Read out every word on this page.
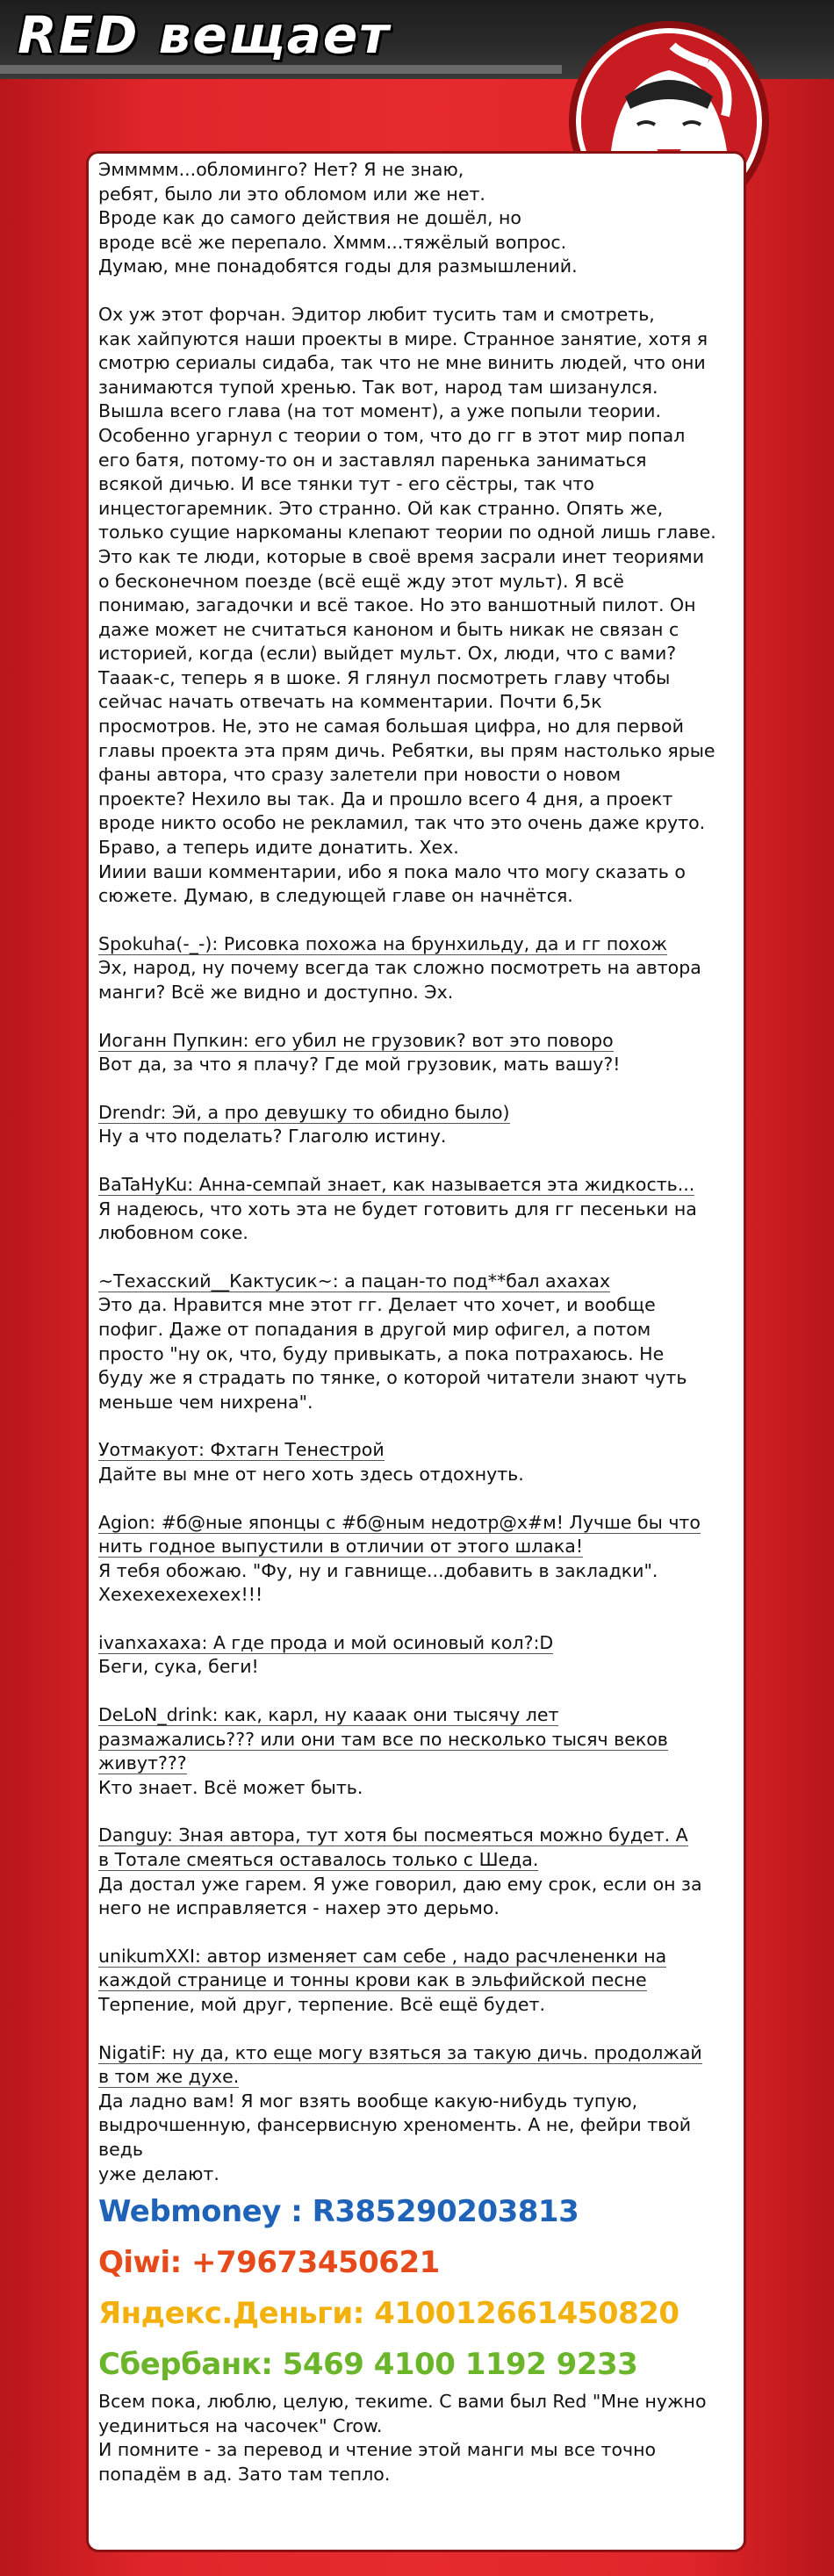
RED вещает

Эммммм...обломинго? Нет? Я не знаю,

ребят, было ли это обломом или же нет.

Вроде как до самого действия не дошёл, но

вроде всё же перепало. Хммм...тяжёлый вопрос.

Думаю, мне понадобятся годы для размышлений.

Ох уж этот форчан. Эдитор любит тусить там и смотреть,

как хайпуются наши проекты в мире. Странное занятие, хотя я

смотрю сериалы сидаба, так что не мне винить людей, что они

занимаются тупой хренью. Так вот, народ там шизанулся.

Вышла всего глава (на тот момент), а уже попыли теории.

Особенно угарнул с теории о том, что до гг в этот мир попал

его батя, потому-то он и заставлял паренька заниматься

всякой дичью. И все тянки тут - его сёстры, так что

инцестогаремник. Это странно. Ой как странно. Опять же,

только сущие наркоманы клепают теории по одной лишь главе.

Это как те люди, которые в своё время засрали инет теориями

о бесконечном поезде (всё ещё жду этот мульт). Я всё

понимаю, загадочки и всё такое. Но это ваншотный пилот. Он

даже может не считаться каноном и быть никак не связан с

историей, когда (если) выйдет мульт. Ох, люди, что с вами?

Тааак-с, теперь я в шоке. Я глянул посмотреть главу чтобы

сейчас начать отвечать на комментарии. Почти 6,5к

просмотров. Не, это не самая большая цифра, но для первой

главы проекта эта прям дичь. Ребятки, вы прям настолько ярые

фаны автора, что сразу залетели при новости о новом

проекте? Нехило вы так. Да и прошло всего 4 дня, а проект

вроде никто особо не рекламил, так что это очень даже круто.

Браво, а теперь идите донатить. Хех.

Ииии ваши комментарии, ибо я пока мало что могу сказать о

сюжете. Думаю, в следующей главе он начнётся.

Spokuha(-_-): Рисовка похожа на брунхильду, да и гг похож

Эх, народ, ну почему всегда так сложно посмотреть на автора

манги? Всё же видно и доступно. Эх.

Иоганн Пупкин: его убил не грузовик? вот это поворо

Вот да, за что я плачу? Где мой грузовик, мать вашу?!

Drendr: Эй, а про девушку то обидно было)

Ну а что поделать? Глаголю истину.

BaTaHyKu: Анна-семпай знает, как называется эта жидкость...

Я надеюсь, что хоть эта не будет готовить для гг песеньки на

любовном соке.

~Техасский__Кактусик~: а пацан-то под**бал ахахах

Это да. Нравится мне этот гг. Делает что хочет, и вообще

пофиг. Даже от попадания в другой мир офигел, а потом

просто "ну ок, что, буду привыкать, а пока потрахаюсь. Не

буду же я страдать по тянке, о которой читатели знают чуть

меньше чем нихрена".

Уотмакуот: Фхтагн Тенестрой

Дайте вы мне от него хоть здесь отдохнуть.

Agion: #б@ные японцы с #б@ным недотр@х#м! Лучше бы что

нить годное выпустили в отличии от этого шлака!

Я тебя обожаю. "Фу, ну и гавнище...добавить в закладки".

Хехехехехехех!!!

ivanxaxaxa: А где прода и мой осиновый кол?:D

Беги, сука, беги!

DeLoN_drink: как, карл, ну кааак они тысячу лет

размажались??? или они там все по несколько тысяч веков

живут???

Кто знает. Всё может быть.

Danguy: Зная автора, тут хотя бы посмеяться можно будет. А

в Тотале смеяться оставалось только с Шеда.

Да достал уже гарем. Я уже говорил, даю ему срок, если он за

него не исправляется - нахер это дерьмо.

unikumXXI: автор изменяет сам себе , надо расчлененки на

каждой странице и тонны крови как в эльфийской песне

Терпение, мой друг, терпение. Всё ещё будет.

NigatiF: ну да, кто еще могу взяться за такую дичь. продолжай

в том же духе.

Да ладно вам! Я мог взять вообще какую-нибудь тупую,

выдрочшенную, фансервисную хреноменть. А не, фейри твой ведь

уже делают.

Webmoney : R385290203813

Qiwi: +79673450621

Яндекс.Деньги: 410012661450820

Сбербанк: 5469 4100 1192 9233

Всем пока, люблю, целую, текиmе. С вами был Red "Мне нужно

уединиться на часочек" Crow.

И помните - за перевод и чтение этой манги мы все точно

попадём в ад. Зато там тепло.
